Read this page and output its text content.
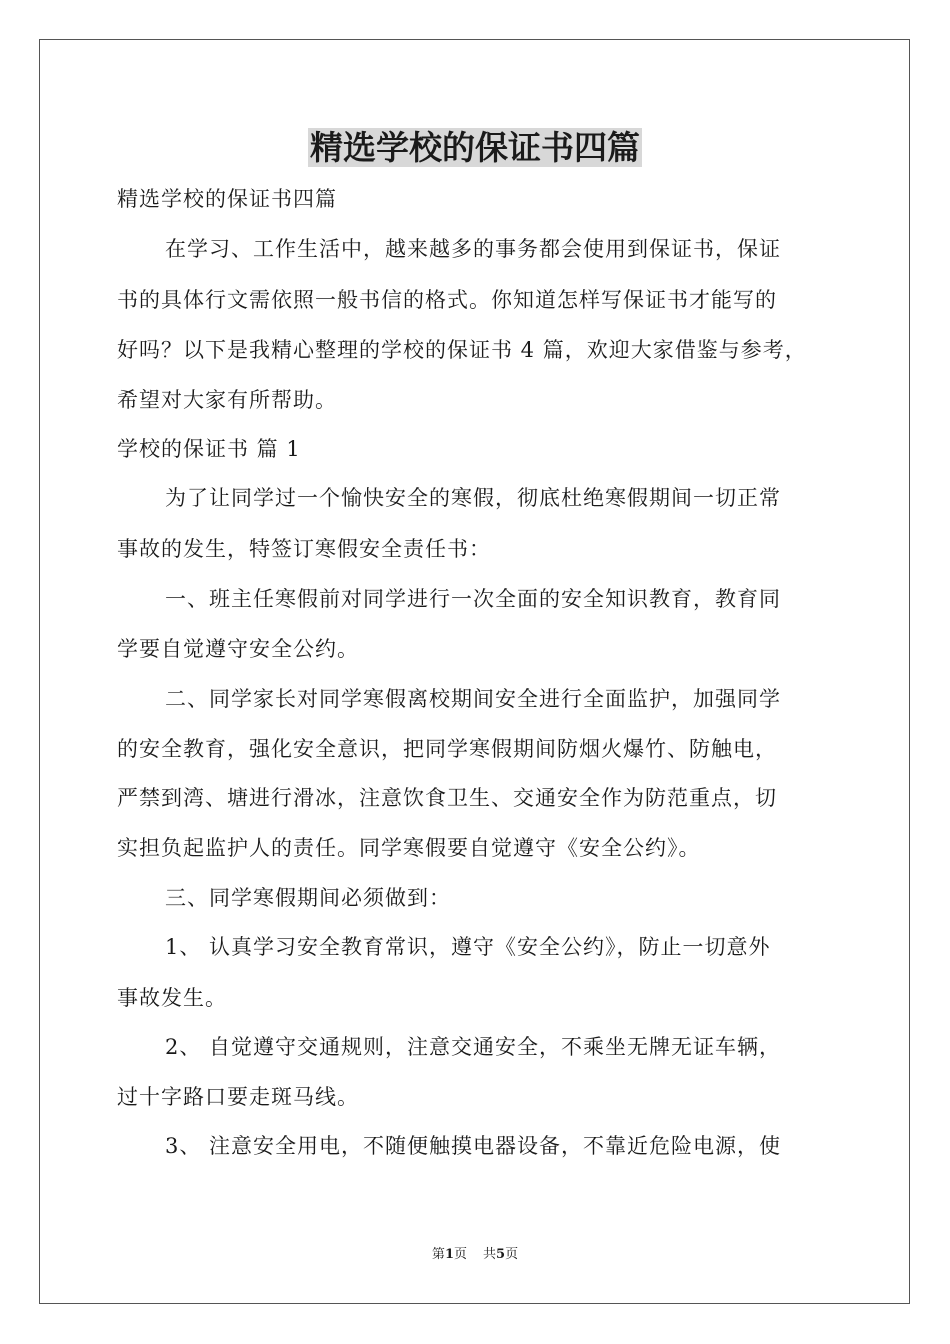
精选学校的保证书四篇

精选学校的保证书四篇

在学习、工作生活中，越来越多的事务都会使用到保证书，保证

书的具体行文需依照一般书信的格式。你知道怎样写保证书才能写的

好吗？以下是我精心整理的学校的保证书 4 篇，欢迎大家借鉴与参考，

希望对大家有所帮助。

学校的保证书 篇 1

为了让同学过一个愉快安全的寒假，彻底杜绝寒假期间一切正常

事故的发生，特签订寒假安全责任书：

一、班主任寒假前对同学进行一次全面的安全知识教育，教育同

学要自觉遵守安全公约。

二、同学家长对同学寒假离校期间安全进行全面监护，加强同学

的安全教育，强化安全意识，把同学寒假期间防烟火爆竹、防触电，

严禁到湾、塘进行滑冰，注意饮食卫生、交通安全作为防范重点，切

实担负起监护人的责任。同学寒假要自觉遵守《安全公约》。

三、同学寒假期间必须做到：

1、 认真学习安全教育常识，遵守《安全公约》，防止一切意外

事故发生。

2、 自觉遵守交通规则，注意交通安全，不乘坐无牌无证车辆，

过十字路口要走斑马线。

3、 注意安全用电，不随便触摸电器设备，不靠近危险电源，使

第1页 共5页
